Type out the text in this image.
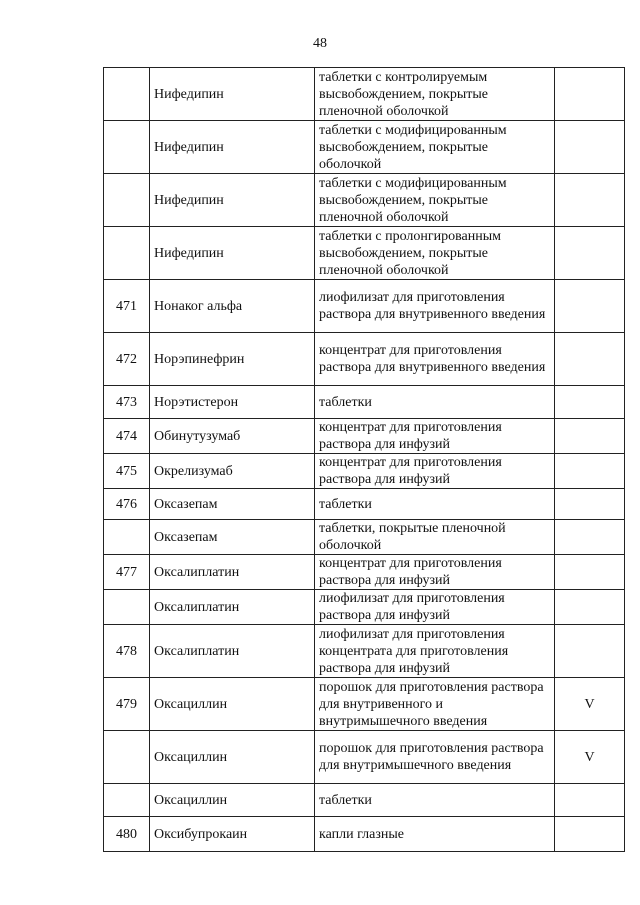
48
	Нифедипин	таблетки с контролируемым высвобождением, покрытые пленочной оболочкой	
	Нифедипин	таблетки с модифицированным высвобождением, покрытые оболочкой	
	Нифедипин	таблетки с модифицированным высвобождением, покрытые пленочной оболочкой	
	Нифедипин	таблетки с пролонгированным высвобождением, покрытые пленочной оболочкой	
471	Нонаког альфа	лиофилизат для приготовления раствора для внутривенного введения	
472	Норэпинефрин	концентрат для приготовления раствора для внутривенного введения	
473	Норэтистерон	таблетки	
474	Обинутузумаб	концентрат для приготовления раствора для инфузий	
475	Окрелизумаб	концентрат для приготовления раствора для инфузий	
476	Оксазепам	таблетки	
	Оксазепам	таблетки, покрытые пленочной оболочкой	
477	Оксалиплатин	концентрат для приготовления раствора для инфузий	
	Оксалиплатин	лиофилизат для приготовления раствора для инфузий	
478	Оксалиплатин	лиофилизат для приготовления концентрата для приготовления раствора для инфузий	
479	Оксациллин	порошок для приготовления раствора для внутривенного и внутримышечного введения	V
	Оксациллин	порошок для приготовления раствора для внутримышечного введения	V
	Оксациллин	таблетки	
480	Оксибупрокаин	капли глазные	
